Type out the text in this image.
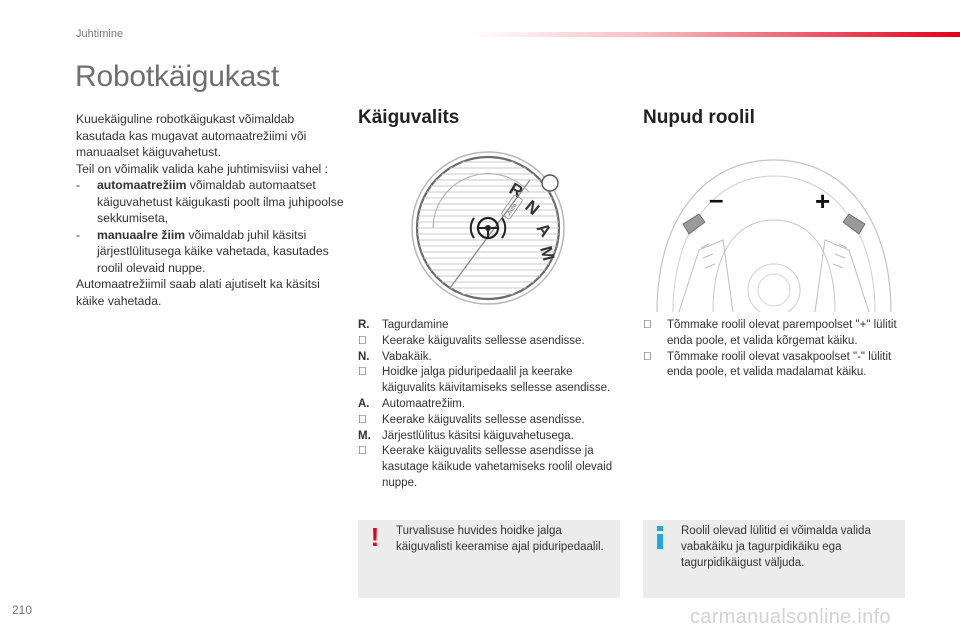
Juhtimine
Robotkäigukast

Kuuekäiguline robotkäigukast võimaldab kasutada kas mugavat automaatrežiimi või manuaalset käiguvahetust.

Teil on võimalik valida kahe juhtimisviisi vahel :

- automaatrežiim võimaldab automaatset käiguvahetust käigukasti poolt ilma juhipoolse sekkumiseta,

- manuaalre žiim võimaldab juhil käsitsi järjestlülitusega käike vahetada, kasutades roolil olevaid nuppe.

Automaatrežiimil saab alati ajutiselt ka käsitsi käike vahetada.

Käiguvalits
R
N
A
M
Auto
R.	Tagurdamine
Keerake käiguvalits sellesse asendisse.
N.	Vabakäik.
Hoidke jalga piduripedaalil ja keerake käiguvalits käivitamiseks sellesse asendisse.
A.	Automaatrežiim.
Keerake käiguvalits sellesse asendisse.
M. Järjestlülitus käsitsi käiguvahetusega.
Keerake käiguvalits sellesse asendisse ja kasutage käikude vahetamiseks roolil olevaid nuppe.
! Turvalisuse huvides hoidke jalga käiguvalisti keeramise ajal piduripedaalil.
Nupud roolil
–	+
Tõmmake roolil olevat parempoolset "+" lülitit enda poole, et valida kõrgemat käiku.
Tõmmake roolil olevat vasakpoolset "-" lülitit enda poole, et valida madalamat käiku.
Roolil olevad lülitid ei võimalda valida vabakäiku ja tagurpidikäiku ega tagurpidikäigust väljuda.
210	carmanualsonline.info
